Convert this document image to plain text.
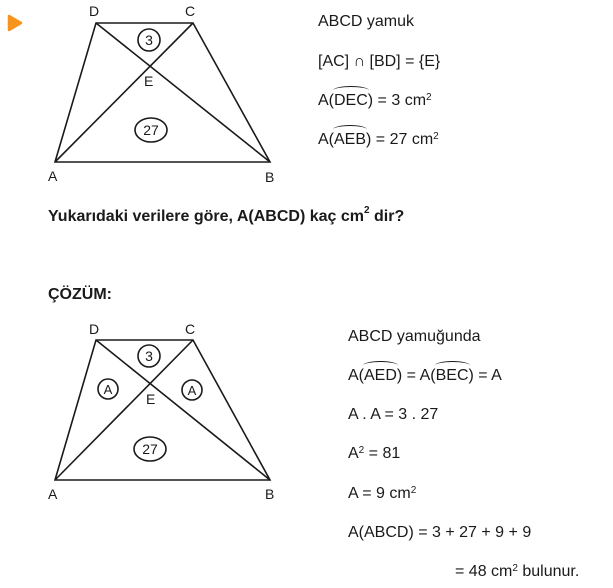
D	C
E
A	B
3
27
ABCD yamuk
[AC] ∩ [BD] = {E}
A(DEC) = 3 $cm^2$
A(AEB) = 27 $cm^2$
Yukarıdaki verilere göre, A(ABCD) kaç $cm^2$ dir?
ÇÖZÜM:
D	C
E
A	B
3
27
A	A
ABCD yamuğunda
A(AED) = A(BEC) = A
A . A = 3 . 27
$A^2 = 81$
A = 9 $cm^2$
A(ABCD) = 3 + 27 + 9 + 9
= 48 $cm^2$ bulunur.
